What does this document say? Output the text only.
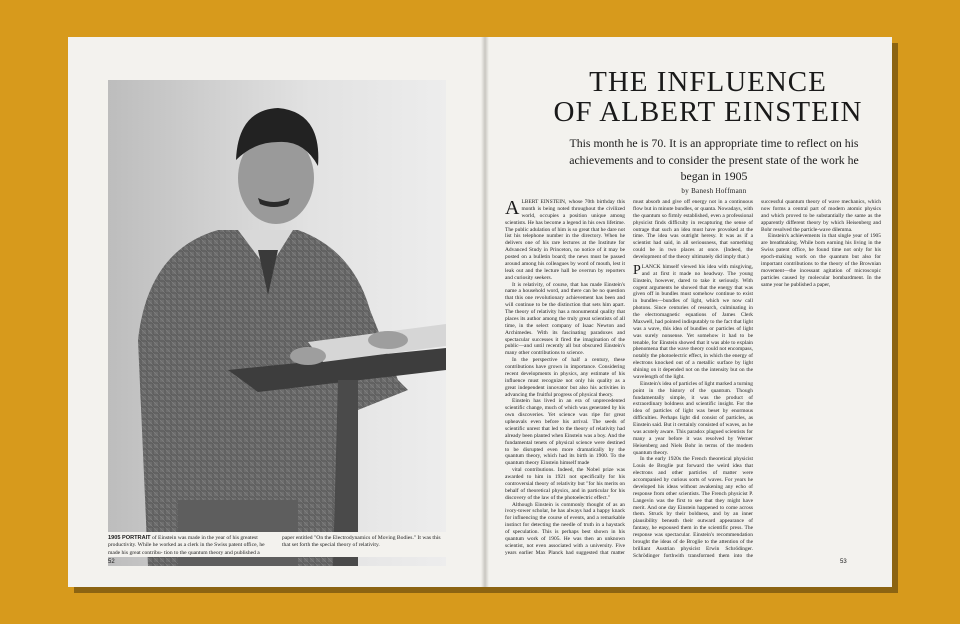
1905 PORTRAIT of Einstein was made in the year of his greatest productivity. While he worked as a clerk in the Swiss patent office, he made his great contribu- tion to the quantum theory and published a paper entitled "On the Electrodynamics of Moving Bodies." It was this that set forth the special theory of relativity.
52
THE INFLUENCE
OF ALBERT EINSTEIN
This month he is 70. It is an appropriate time to reflect on his achievements and to consider the present state of the work he began in 1905
by Banesh Hoffmann

ALBERT EINSTEIN, whose 70th birthday this month is being noted throughout the civilized world, occupies a position unique among scientists. He has become a legend in his own lifetime. The public adulation of him is so great that he dare not list his telephone number in the directory. When he delivers one of his rare lectures at the Institute for Advanced Study in Princeton, no notice of it may be posted on a bulletin board; the news must be passed around among his colleagues by word of mouth, lest it leak out and the lecture hall be overrun by reporters and curiosity seekers.

It is relativity, of course, that has made Einstein's name a household word, and there can be no question that this one revolutionary achievement has been and will continue to be the distinction that sets him apart. The theory of relativity has a monumental quality that places its author among the truly great scientists of all time, in the select company of Isaac Newton and Archimedes. With its fascinating paradoxes and spectacular successes it fired the imagination of the public—and until recently all but obscured Einstein's many other contributions to science.

In the perspective of half a century, these contributions have grown in importance. Considering recent developments in physics, any estimate of his influence must recognize not only his quality as a great independent innovator but also his activities in advancing the fruitful progress of physical theory.

Einstein has lived in an era of unprecedented scientific change, much of which was generated by his own discoveries. Yet science was ripe for great upheavals even before his arrival. The seeds of scientific unrest that led to the theory of relativity had already been planted when Einstein was a boy. And the fundamental tenets of physical science were destined to be disrupted even more dramatically by the quantum theory, which had its birth in 1900. To the quantum theory Einstein himself made

vital contributions. Indeed, the Nobel prize was awarded to him in 1921 not specifically for his controversial theory of relativity but "for his merits on behalf of theoretical physics, and in particular for his discovery of the law of the photoelectric effect."

Although Einstein is commonly thought of as an ivory-tower scholar, he has always had a happy knack for influencing the course of events, and a remarkable instinct for detecting the needle of truth in a haystack of speculation. This is perhaps best shown in his quantum work of 1905. He was then an unknown scientist, not even associated with a university. Five years earlier Max Planck had suggested that matter must absorb and give off energy not in a continuous flow but in minute bundles, or quanta. Nowadays, with the quantum so firmly established, even a professional physicist finds difficulty in recapturing the sense of outrage that such an idea must have provoked at the time. The idea was outright heresy. It was as if a scientist had said, in all seriousness, that something could be in two places at once. (Indeed, the development of the theory ultimately did imply that.)

PLANCK himself viewed his idea with misgiving, and at first it made no headway. The young Einstein, however, dared to take it seriously. With cogent arguments he showed that the energy that was given off in bundles must somehow continue to exist in bundles—bundles of light, which we now call photons. Since centuries of research, culminating in the electromagnetic equations of James Clerk Maxwell, had pointed indisputably to the fact that light was a wave, this idea of bundles or particles of light was surely nonsense. Yet somehow it had to be tenable, for Einstein showed that it was able to explain phenomena that the wave theory could not encompass, notably the photoelectric effect, in which the energy of electrons knocked out of a metallic surface by light shining on it depended not on the intensity but on the wavelength of the light.

Einstein's idea of particles of light marked a turning point in the history of the quantum. Though fundamentally simple, it was the product of extraordinary boldness and scientific insight. For the idea of particles of light was beset by enormous difficulties. Perhaps light did consist of particles, as Einstein said. But it certainly consisted of waves, as he was acutely aware. This paradox plagued scientists for many a year before it was resolved by Werner Heisenberg and Niels Bohr in terms of the modern quantum theory.

In the early 1920s the French theoretical physicist Louis de Broglie put forward the weird idea that electrons and other particles of matter were accompanied by curious sorts of waves. For years he developed his ideas without awakening any echo of response from other scientists. The French physicist P. Langevin was the first to see that they might have merit. And one day Einstein happened to come across them. Struck by their boldness, and by an inner plausibility beneath their outward appearance of fantasy, he espoused them in the scientific press. The response was spectacular. Einstein's recommendation brought the ideas of de Broglie to the attention of the brilliant Austrian physicist Erwin Schrödinger. Schrödinger forthwith transformed them into the successful quantum theory of wave mechanics, which now forms a central part of modern atomic physics and which proved to be substantially the same as the apparently different theory by which Heisenberg and Bohr resolved the particle-wave dilemma.

Einstein's achievements in that single year of 1905 are breathtaking. While born earning his living in the Swiss patent office, he found time not only for his epoch-making work on the quantum but also for important contributions to the theory of the Brownian movement—the incessant agitation of microscopic particles caused by molecular bombardment. In the same year he published a paper,

53
